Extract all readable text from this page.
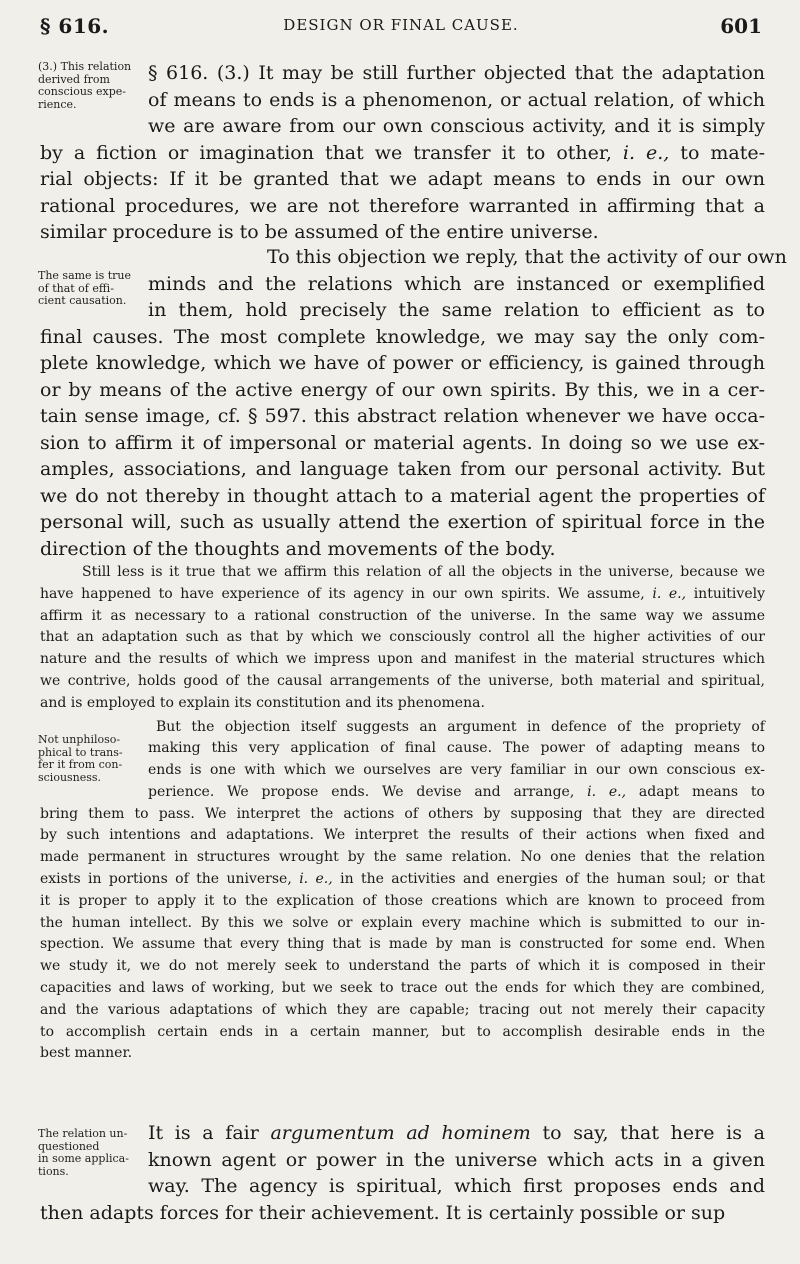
§ 616.	DESIGN OR FINAL CAUSE.	601
(3.) This relation
derived from
conscious expe-
rience.
§ 616. (3.) It may be still further objected that the adaptation
of means to ends is a phenomenon, or actual relation, of which
we are aware from our own conscious activity, and it is simply
by a fiction or imagination that we transfer it to other, i. e., to mate-
rial objects: If it be granted that we adapt means to ends in our own
rational procedures, we are not therefore warranted in affirming that a
similar procedure is to be assumed of the entire universe.
The same is true
of that of effi-
cient causation.
To this objection we reply, that the activity of our own
minds and the relations which are instanced or exemplified
in them, hold precisely the same relation to efficient as to
final causes. The most complete knowledge, we may say the only com-
plete knowledge, which we have of power or efficiency, is gained through
or by means of the active energy of our own spirits. By this, we in a cer-
tain sense image, cf. § 597. this abstract relation whenever we have occa-
sion to affirm it of impersonal or material agents. In doing so we use ex-
amples, associations, and language taken from our personal activity. But
we do not thereby in thought attach to a material agent the properties of
personal will, such as usually attend the exertion of spiritual force in the
direction of the thoughts and movements of the body.
Still less is it true that we affirm this relation of all the objects in the universe, because we
have happened to have experience of its agency in our own spirits. We assume, i. e., intuitively
affirm it as necessary to a rational construction of the universe. In the same way we assume
that an adaptation such as that by which we consciously control all the higher activities of our
nature and the results of which we impress upon and manifest in the material structures which
we contrive, holds good of the causal arrangements of the universe, both material and spiritual,
and is employed to explain its constitution and its phenomena.
Not unphiloso-
phical to trans-
fer it from con-
sciousness.
But the objection itself suggests an argument in defence of the propriety of
making this very application of final cause. The power of adapting means to
ends is one with which we ourselves are very familiar in our own conscious ex-
perience. We propose ends. We devise and arrange, i. e., adapt means to
bring them to pass. We interpret the actions of others by supposing that they are directed
by such intentions and adaptations. We interpret the results of their actions when fixed and
made permanent in structures wrought by the same relation. No one denies that the relation
exists in portions of the universe, i. e., in the activities and energies of the human soul; or that
it is proper to apply it to the explication of those creations which are known to proceed from
the human intellect. By this we solve or explain every machine which is submitted to our in-
spection. We assume that every thing that is made by man is constructed for some end. When
we study it, we do not merely seek to understand the parts of which it is composed in their
capacities and laws of working, but we seek to trace out the ends for which they are combined,
and the various adaptations of which they are capable; tracing out not merely their capacity
to accomplish certain ends in a certain manner, but to accomplish desirable ends in the
best manner.
The relation un-
questioned
in some applica-
tions.
It is a fair argumentum ad hominem to say, that here is a
known agent or power in the universe which acts in a given
way. The agency is spiritual, which first proposes ends and
then adapts forces for their achievement. It is certainly possible or sup
